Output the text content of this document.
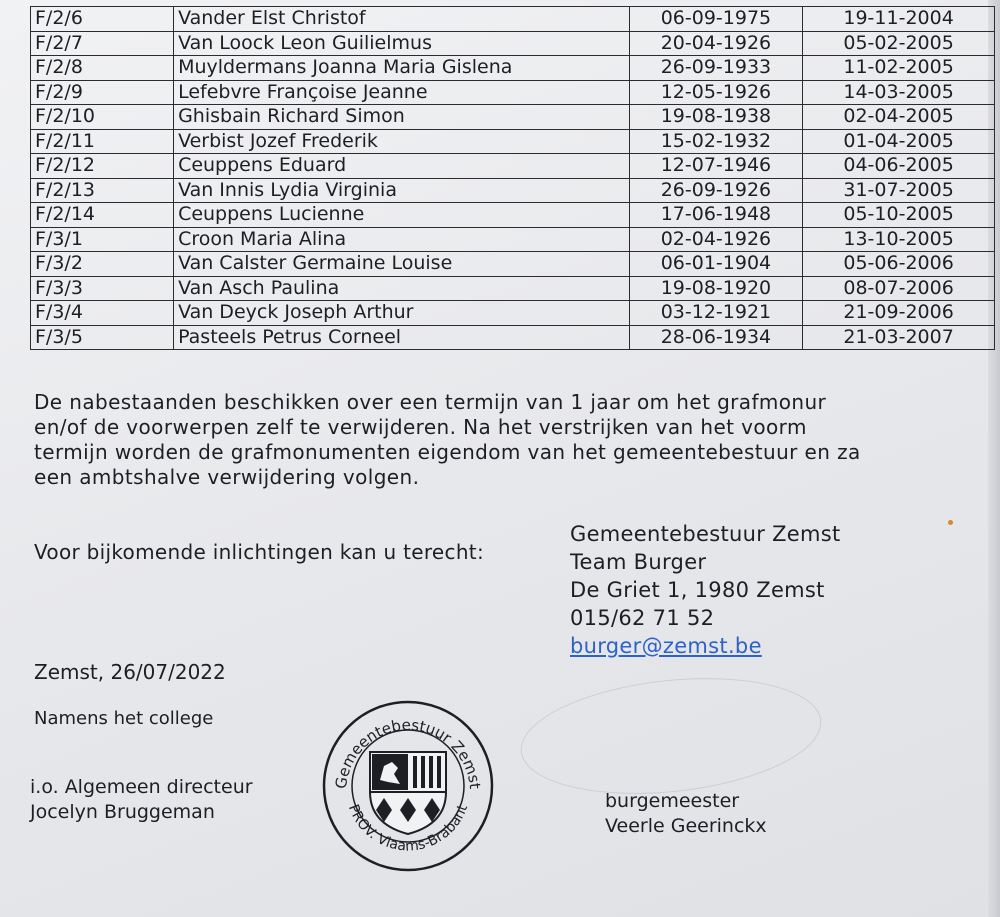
F/2/6	Vander Elst Christof	06-09-1975	19-11-2004
F/2/7	Van Loock Leon Guilielmus	20-04-1926	05-02-2005
F/2/8	Muyldermans Joanna Maria Gislena	26-09-1933	11-02-2005
F/2/9	Lefebvre Françoise Jeanne	12-05-1926	14-03-2005
F/2/10	Ghisbain Richard Simon	19-08-1938	02-04-2005
F/2/11	Verbist Jozef Frederik	15-02-1932	01-04-2005
F/2/12	Ceuppens Eduard	12-07-1946	04-06-2005
F/2/13	Van Innis Lydia Virginia	26-09-1926	31-07-2005
F/2/14	Ceuppens Lucienne	17-06-1948	05-10-2005
F/3/1	Croon Maria Alina	02-04-1926	13-10-2005
F/3/2	Van Calster Germaine Louise	06-01-1904	05-06-2006
F/3/3	Van Asch Paulina	19-08-1920	08-07-2006
F/3/4	Van Deyck Joseph Arthur	03-12-1921	21-09-2006
F/3/5	Pasteels Petrus Corneel	28-06-1934	21-03-2007
De nabestaanden beschikken over een termijn van 1 jaar om het grafmonur
en/of de voorwerpen zelf te verwijderen. Na het verstrijken van het voorm
termijn worden de grafmonumenten eigendom van het gemeentebestuur en za
een ambtshalve verwijdering volgen.
Voor bijkomende inlichtingen kan u terecht:
Gemeentebestuur Zemst
Team Burger
De Griet 1, 1980 Zemst
015/62 71 52
burger@zemst.be
Zemst, 26/07/2022
Namens het college
i.o. Algemeen directeur
Jocelyn Bruggeman	burgemeester
Veerle Geerinckx
Gemeentebestuur Zemst
PROV. Vlaams-Brabant
